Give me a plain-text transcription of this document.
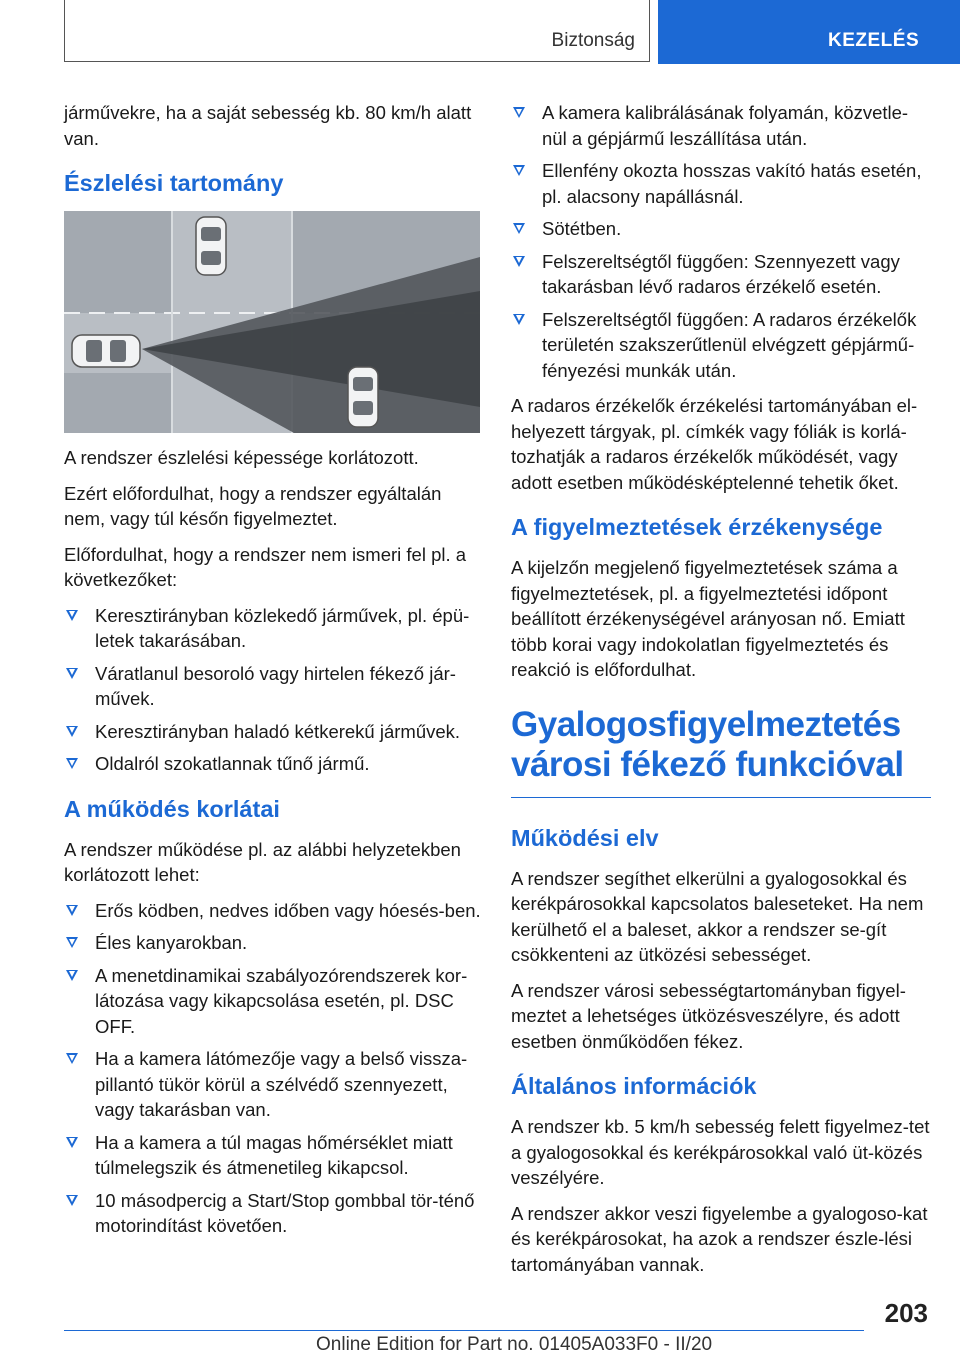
Biztonság	KEZELÉS

járművekre, ha a saját sebesség kb. 80 km/h alatt van.

Észlelési tartomány

A rendszer észlelési képessége korlátozott.

Ezért előfordulhat, hogy a rendszer egyáltalán nem, vagy túl későn figyelmeztet.

Előfordulhat, hogy a rendszer nem ismeri fel pl. a következőket:

Keresztirányban közlekedő járművek, pl. épü-letek takarásában.
Váratlanul besoroló vagy hirtelen fékező jár-művek.
Keresztirányban haladó kétkerekű járművek.
Oldalról szokatlannak tűnő jármű.
A működés korlátai

A rendszer működése pl. az alábbi helyzetekben korlátozott lehet:

Erős ködben, nedves időben vagy hóesés-ben.
Éles kanyarokban.
A menetdinamikai szabályozórendszerek kor-látozása vagy kikapcsolása esetén, pl. DSC OFF.
Ha a kamera látómezője vagy a belső vissza-pillantó tükör körül a szélvédő szennyezett, vagy takarásban van.
Ha a kamera a túl magas hőmérséklet miatt túlmelegszik és átmenetileg kikapcsol.
10 másodpercig a Start/Stop gombbal tör-ténő motorindítást követően.
A kamera kalibrálásának folyamán, közvetle-nül a gépjármű leszállítása után.
Ellenfény okozta hosszas vakító hatás esetén, pl. alacsony napállásnál.
Sötétben.
Felszereltségtől függően: Szennyezett vagy takarásban lévő radaros érzékelő esetén.
Felszereltségtől függően: A radaros érzékelők területén szakszerűtlenül elvégzett gépjármű-fényezési munkák után.

A radaros érzékelők érzékelési tartományában el-helyezett tárgyak, pl. címkék vagy fóliák is korlá-tozhatják a radaros érzékelők működését, vagy adott esetben működésképtelenné tehetik őket.

A figyelmeztetések érzékenysége

A kijelzőn megjelenő figyelmeztetések száma a figyelmeztetések, pl. a figyelmeztetési időpont beállított érzékenységével arányosan nő. Emiatt több korai vagy indokolatlan figyelmeztetés és reakció is előfordulhat.

Gyalogosfigyelmeztetés
városi fékező funkcióval
Működési elv

A rendszer segíthet elkerülni a gyalogosokkal és kerékpárosokkal kapcsolatos baleseteket. Ha nem kerülhető el a baleset, akkor a rendszer se-gít csökkenteni az ütközési sebességet.

A rendszer városi sebességtartományban figyel-meztet a lehetséges ütközésveszélyre, és adott esetben önműködően fékez.

Általános információk

A rendszer kb. 5 km/h sebesség felett figyelmez-tet a gyalogosokkal és kerékpárosokkal való üt-közés veszélyére.

A rendszer akkor veszi figyelembe a gyalogoso-kat és kerékpárosokat, ha azok a rendszer észle-lési tartományában vannak.

203
Online Edition for Part no. 01405A033F0 - II/20
